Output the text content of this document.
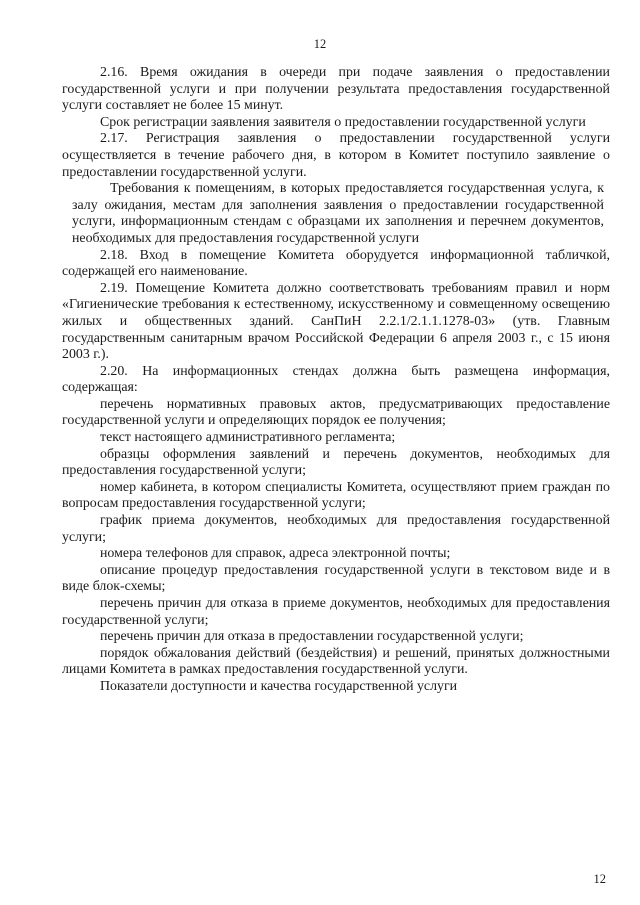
12

2.16. Время ожидания в очереди при подаче заявления о предоставлении государственной услуги и при получении результата предоставления государственной услуги составляет не более 15 минут.

Срок регистрации заявления заявителя о предоставлении государственной услуги

2.17. Регистрация заявления о предоставлении государственной услуги осуществляется в течение рабочего дня, в котором в Комитет поступило заявление о предоставлении государственной услуги.

Требования к помещениям, в которых предоставляется государственная услуга, к залу ожидания, местам для заполнения заявления о предоставлении государственной услуги, информационным стендам с образцами их заполнения и перечнем документов, необходимых для предоставления государственной услуги

2.18. Вход в помещение Комитета оборудуется информационной табличкой, содержащей его наименование.

2.19. Помещение Комитета должно соответствовать требованиям правил и норм «Гигиенические требования к естественному, искусственному и совмещенному освещению жилых и общественных зданий. СанПиН 2.2.1/2.1.1.1278-03» (утв. Главным государственным санитарным врачом Российской Федерации 6 апреля 2003 г., с 15 июня 2003 г.).

2.20. На информационных стендах должна быть размещена информация, содержащая:

перечень нормативных правовых актов, предусматривающих предоставление государственной услуги и определяющих порядок ее получения;

текст настоящего административного регламента;

образцы оформления заявлений и перечень документов, необходимых для предоставления государственной услуги;

номер кабинета, в котором специалисты Комитета, осуществляют прием граждан по вопросам предоставления государственной услуги;

график приема документов, необходимых для предоставления государственной услуги;

номера телефонов для справок, адреса электронной почты;

описание процедур предоставления государственной услуги в текстовом виде и в виде блок-схемы;

перечень причин для отказа в приеме документов, необходимых для предоставления государственной услуги;

перечень причин для отказа в предоставлении государственной услуги;

порядок обжалования действий (бездействия) и решений, принятых должностными лицами Комитета в рамках предоставления государственной услуги.

Показатели доступности и качества государственной услуги

12
